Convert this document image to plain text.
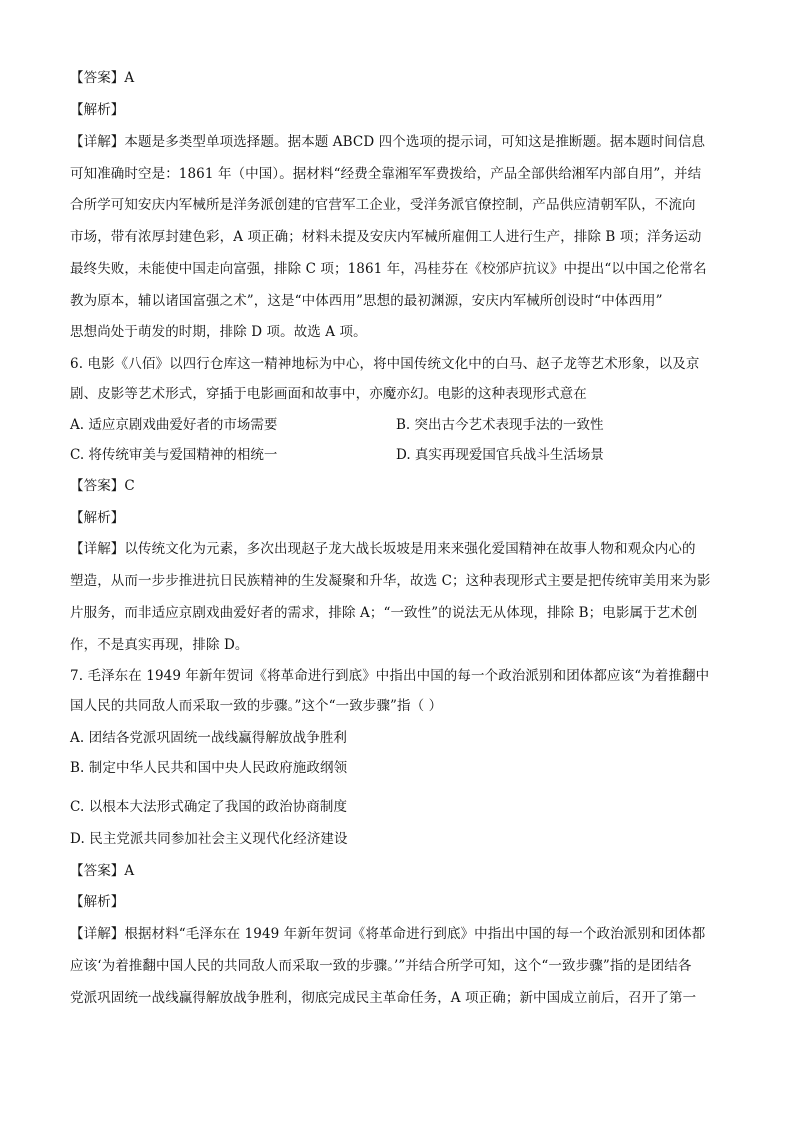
【答案】A
【解析】
【详解】本题是多类型单项选择题。据本题 ABCD 四个选项的提示词，可知这是推断题。据本题时间信息
可知准确时空是：1861 年（中国）。据材料“经费全靠湘军军费拨给，产品全部供给湘军内部自用”，并结
合所学可知安庆内军械所是洋务派创建的官营军工企业，受洋务派官僚控制，产品供应清朝军队，不流向
市场，带有浓厚封建色彩，A 项正确；材料未提及安庆内军械所雇佣工人进行生产，排除 B 项；洋务运动
最终失败，未能使中国走向富强，排除 C 项；1861 年，冯桂芬在《校邠庐抗议》中提出“以中国之伦常名
教为原本，辅以诸国富强之术”，这是“中体西用”思想的最初渊源，安庆内军械所创设时“中体西用”
思想尚处于萌发的时期，排除 D 项。故选 A 项。
6. 电影《八佰》以四行仓库这一精神地标为中心，将中国传统文化中的白马、赵子龙等艺术形象，以及京
剧、皮影等艺术形式，穿插于电影画面和故事中，亦魔亦幻。电影的这种表现形式意在
A. 适应京剧戏曲爱好者的市场需要	B. 突出古今艺术表现手法的一致性
C. 将传统审美与爱国精神的相统一	D. 真实再现爱国官兵战斗生活场景
【答案】C
【解析】
【详解】以传统文化为元素，多次出现赵子龙大战长坂坡是用来来强化爱国精神在故事人物和观众内心的
塑造，从而一步步推进抗日民族精神的生发凝聚和升华，故选 C；这种表现形式主要是把传统审美用来为影
片服务，而非适应京剧戏曲爱好者的需求，排除 A；“一致性”的说法无从体现，排除 B；电影属于艺术创
作，不是真实再现，排除 D。
7. 毛泽东在 1949 年新年贺词《将革命进行到底》中指出中国的每一个政治派别和团体都应该“为着推翻中
国人民的共同敌人而采取一致的步骤。”这个“一致步骤”指（ ）
A. 团结各党派巩固统一战线赢得解放战争胜利
B. 制定中华人民共和国中央人民政府施政纲领
C. 以根本大法形式确定了我国的政治协商制度
D. 民主党派共同参加社会主义现代化经济建设
【答案】A
【解析】
【详解】根据材料“毛泽东在 1949 年新年贺词《将革命进行到底》中指出中国的每一个政治派别和团体都
应该‘为着推翻中国人民的共同敌人而采取一致的步骤。’”并结合所学可知，这个“一致步骤”指的是团结各
党派巩固统一战线赢得解放战争胜利，彻底完成民主革命任务，A 项正确；新中国成立前后，召开了第一
